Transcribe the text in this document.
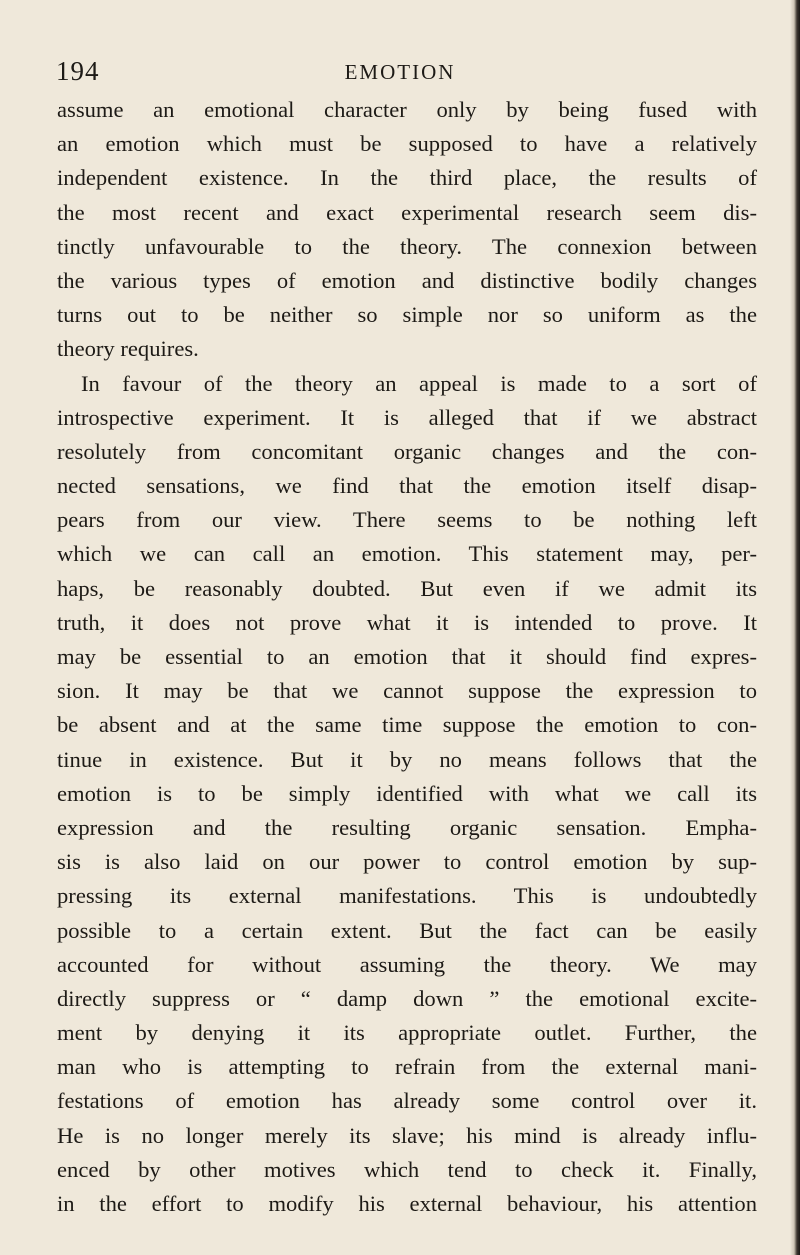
194	EMOTION
assume an emotional character only by being fused with
an emotion which must be supposed to have a relatively
independent existence. In the third place, the results of
the most recent and exact experimental research seem dis-
tinctly unfavourable to the theory. The connexion between
the various types of emotion and distinctive bodily changes
turns out to be neither so simple nor so uniform as the
theory requires.
In favour of the theory an appeal is made to a sort of
introspective experiment. It is alleged that if we abstract
resolutely from concomitant organic changes and the con-
nected sensations, we find that the emotion itself disap-
pears from our view. There seems to be nothing left
which we can call an emotion. This statement may, per-
haps, be reasonably doubted. But even if we admit its
truth, it does not prove what it is intended to prove. It
may be essential to an emotion that it should find expres-
sion. It may be that we cannot suppose the expression to
be absent and at the same time suppose the emotion to con-
tinue in existence. But it by no means follows that the
emotion is to be simply identified with what we call its
expression and the resulting organic sensation. Empha-
sis is also laid on our power to control emotion by sup-
pressing its external manifestations. This is undoubtedly
possible to a certain extent. But the fact can be easily
accounted for without assuming the theory. We may
directly suppress or “ damp down ” the emotional excite-
ment by denying it its appropriate outlet. Further, the
man who is attempting to refrain from the external mani-
festations of emotion has already some control over it.
He is no longer merely its slave; his mind is already influ-
enced by other motives which tend to check it. Finally,
in the effort to modify his external behaviour, his attention
